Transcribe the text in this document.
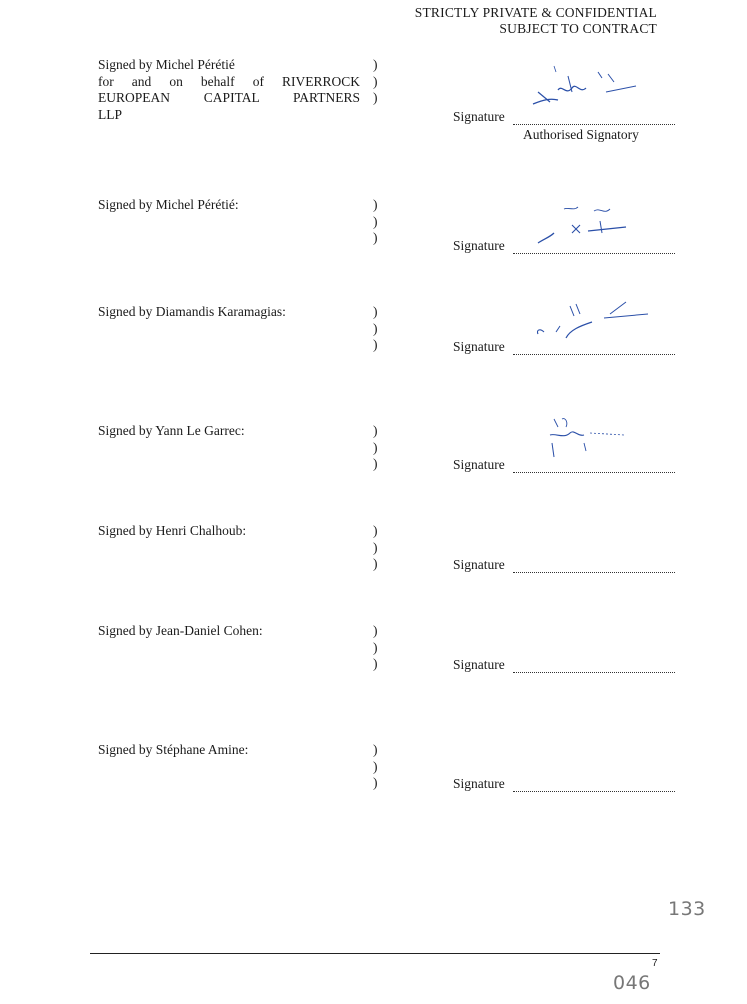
STRICTLY PRIVATE & CONFIDENTIAL
SUBJECT TO CONTRACT
Signed by Michel Pérétié
for and on behalf of RIVERROCK
EUROPEAN CAPITAL PARTNERS
LLP
)
)
)
Signature
Authorised Signatory
Signed by Michel Pérétié:	)
)
)
Signature
Signed by Diamandis Karamagias:	)
)
)	Signature
Signed by Yann Le Garrec:	)
)
)	Signature
Signed by Henri Chalhoub:	)
)
)	Signature
Signed by Jean-Daniel Cohen:	)
)
)	Signature
Signed by Stéphane Amine:	)
)
)	Signature
133
046
7
